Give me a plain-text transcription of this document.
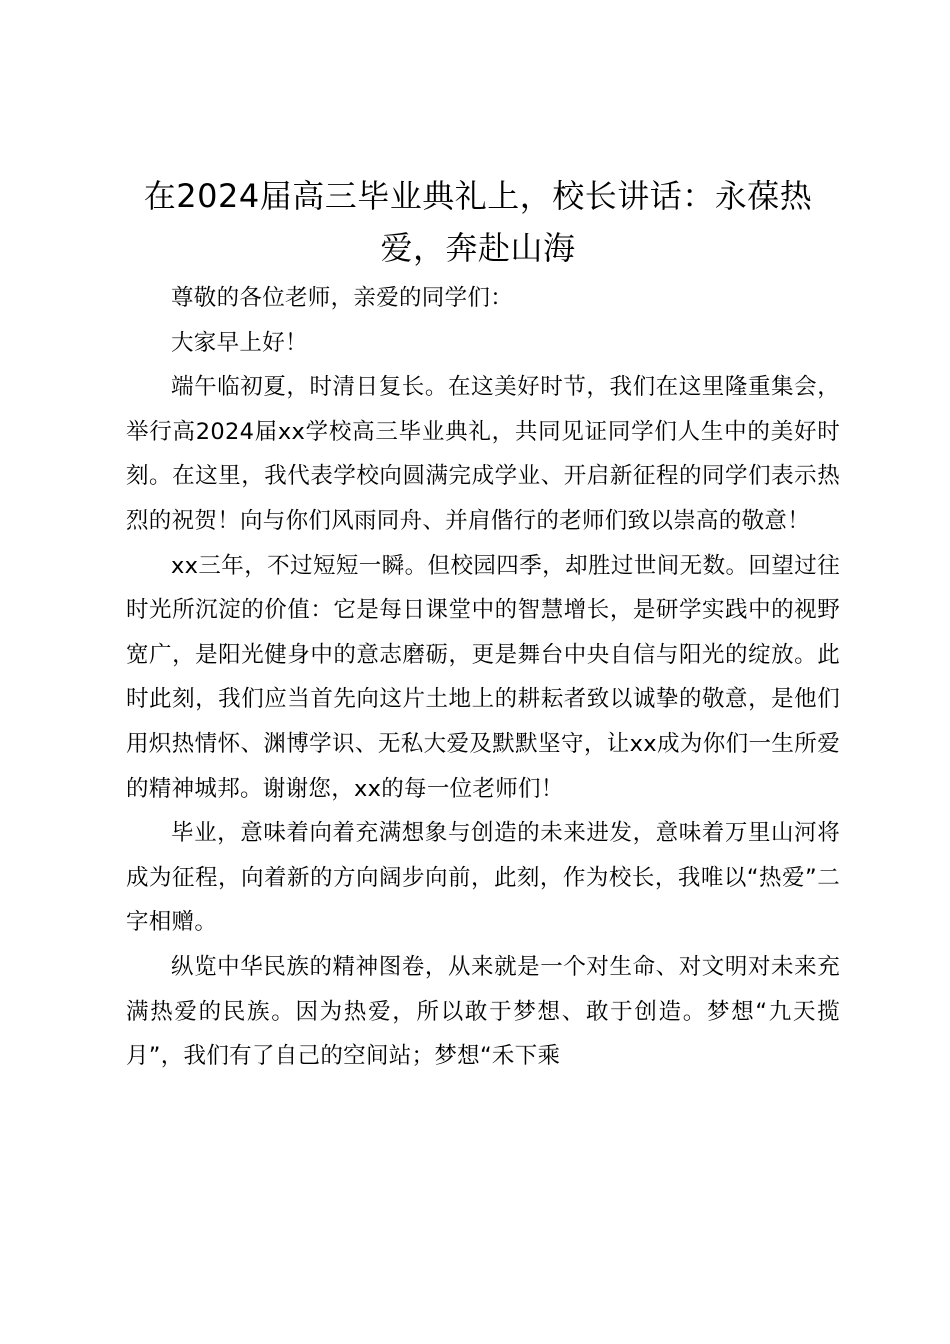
在2024届高三毕业典礼上，校长讲话：永葆热爱，奔赴山海

尊敬的各位老师，亲爱的同学们：

大家早上好！

端午临初夏，时清日复长。在这美好时节，我们在这里隆重集会，举行高2024届xx学校高三毕业典礼，共同见证同学们人生中的美好时刻。在这里，我代表学校向圆满完成学业、开启新征程的同学们表示热烈的祝贺！向与你们风雨同舟、并肩偕行的老师们致以崇高的敬意！

xx三年，不过短短一瞬。但校园四季，却胜过世间无数。回望过往时光所沉淀的价值：它是每日课堂中的智慧增长，是研学实践中的视野宽广，是阳光健身中的意志磨砺，更是舞台中央自信与阳光的绽放。此时此刻，我们应当首先向这片土地上的耕耘者致以诚挚的敬意，是他们用炽热情怀、渊博学识、无私大爱及默默坚守，让xx成为你们一生所爱的精神城邦。谢谢您，xx的每一位老师们！

毕业，意味着向着充满想象与创造的未来进发，意味着万里山河将成为征程，向着新的方向阔步向前，此刻，作为校长，我唯以“热爱”二字相赠。

纵览中华民族的精神图卷，从来就是一个对生命、对文明对未来充满热爱的民族。因为热爱，所以敢于梦想、敢于创造。梦想“九天揽月”，我们有了自己的空间站；梦想“禾下乘
